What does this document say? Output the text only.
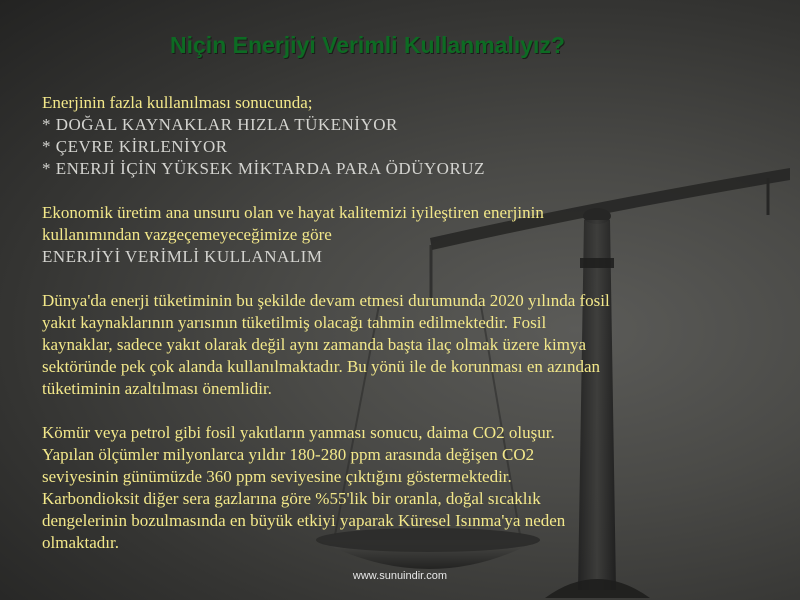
Niçin Enerjiyi Verimli Kullanmalıyız?
Enerjinin fazla kullanılması sonucunda;
* DOĞAL KAYNAKLAR HIZLA TÜKENİYOR
* ÇEVRE KİRLENİYOR
* ENERJİ İÇİN YÜKSEK MİKTARDA PARA ÖDÜYORUZ
Ekonomik üretim ana unsuru olan ve hayat kalitemizi iyileştiren enerjinin
kullanımından vazgeçemeyeceğimize göre
ENERJİYİ VERİMLİ KULLANALIM
Dünya'da enerji tüketiminin bu şekilde devam etmesi durumunda 2020 yılında fosil
yakıt kaynaklarının yarısının tüketilmiş olacağı tahmin edilmektedir. Fosil
kaynaklar, sadece yakıt olarak değil aynı zamanda başta ilaç olmak üzere kimya
sektöründe pek çok alanda kullanılmaktadır. Bu yönü ile de korunması en azından
tüketiminin azaltılması önemlidir.
Kömür veya petrol gibi fosil yakıtların yanması sonucu, daima CO2 oluşur.
Yapılan ölçümler milyonlarca yıldır 180-280 ppm arasında değişen CO2
seviyesinin günümüzde 360 ppm seviyesine çıktığını göstermektedir.
Karbondioksit diğer sera gazlarına göre %55'lik bir oranla, doğal sıcaklık
dengelerinin bozulmasında en büyük etkiyi yaparak Küresel Isınma'ya neden
olmaktadır.
www.sunuindir.com
